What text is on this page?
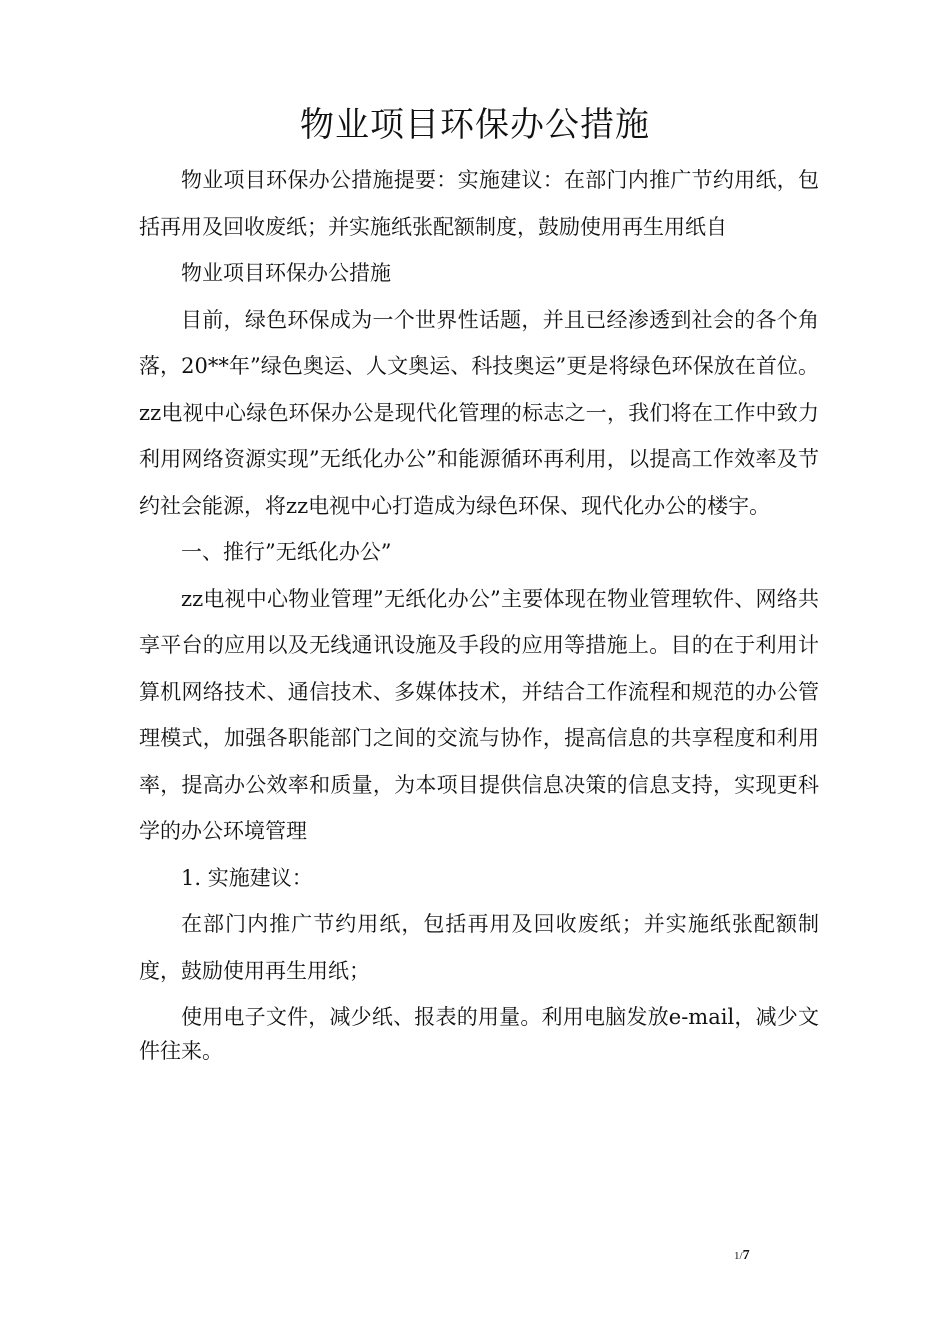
物业项目环保办公措施

物业项目环保办公措施提要：实施建议：在部门内推广节约用纸，包括再用及回收废纸；并实施纸张配额制度，鼓励使用再生用纸自

物业项目环保办公措施

目前，绿色环保成为一个世界性话题，并且已经渗透到社会的各个角落，20**年”绿色奥运、人文奥运、科技奥运”更是将绿色环保放在首位。zz电视中心绿色环保办公是现代化管理的标志之一，我们将在工作中致力利用网络资源实现”无纸化办公”和能源循环再利用，以提高工作效率及节约社会能源，将zz电视中心打造成为绿色环保、现代化办公的楼宇。

一、推行”无纸化办公”

zz电视中心物业管理”无纸化办公”主要体现在物业管理软件、网络共享平台的应用以及无线通讯设施及手段的应用等措施上。目的在于利用计算机网络技术、通信技术、多媒体技术，并结合工作流程和规范的办公管理模式，加强各职能部门之间的交流与协作，提高信息的共享程度和利用率，提高办公效率和质量，为本项目提供信息决策的信息支持，实现更科学的办公环境管理

1. 实施建议：

在部门内推广节约用纸，包括再用及回收废纸；并实施纸张配额制度，鼓励使用再生用纸；

使用电子文件，减少纸、报表的用量。利用电脑发放e-mail，减少文件往来。

1/7
